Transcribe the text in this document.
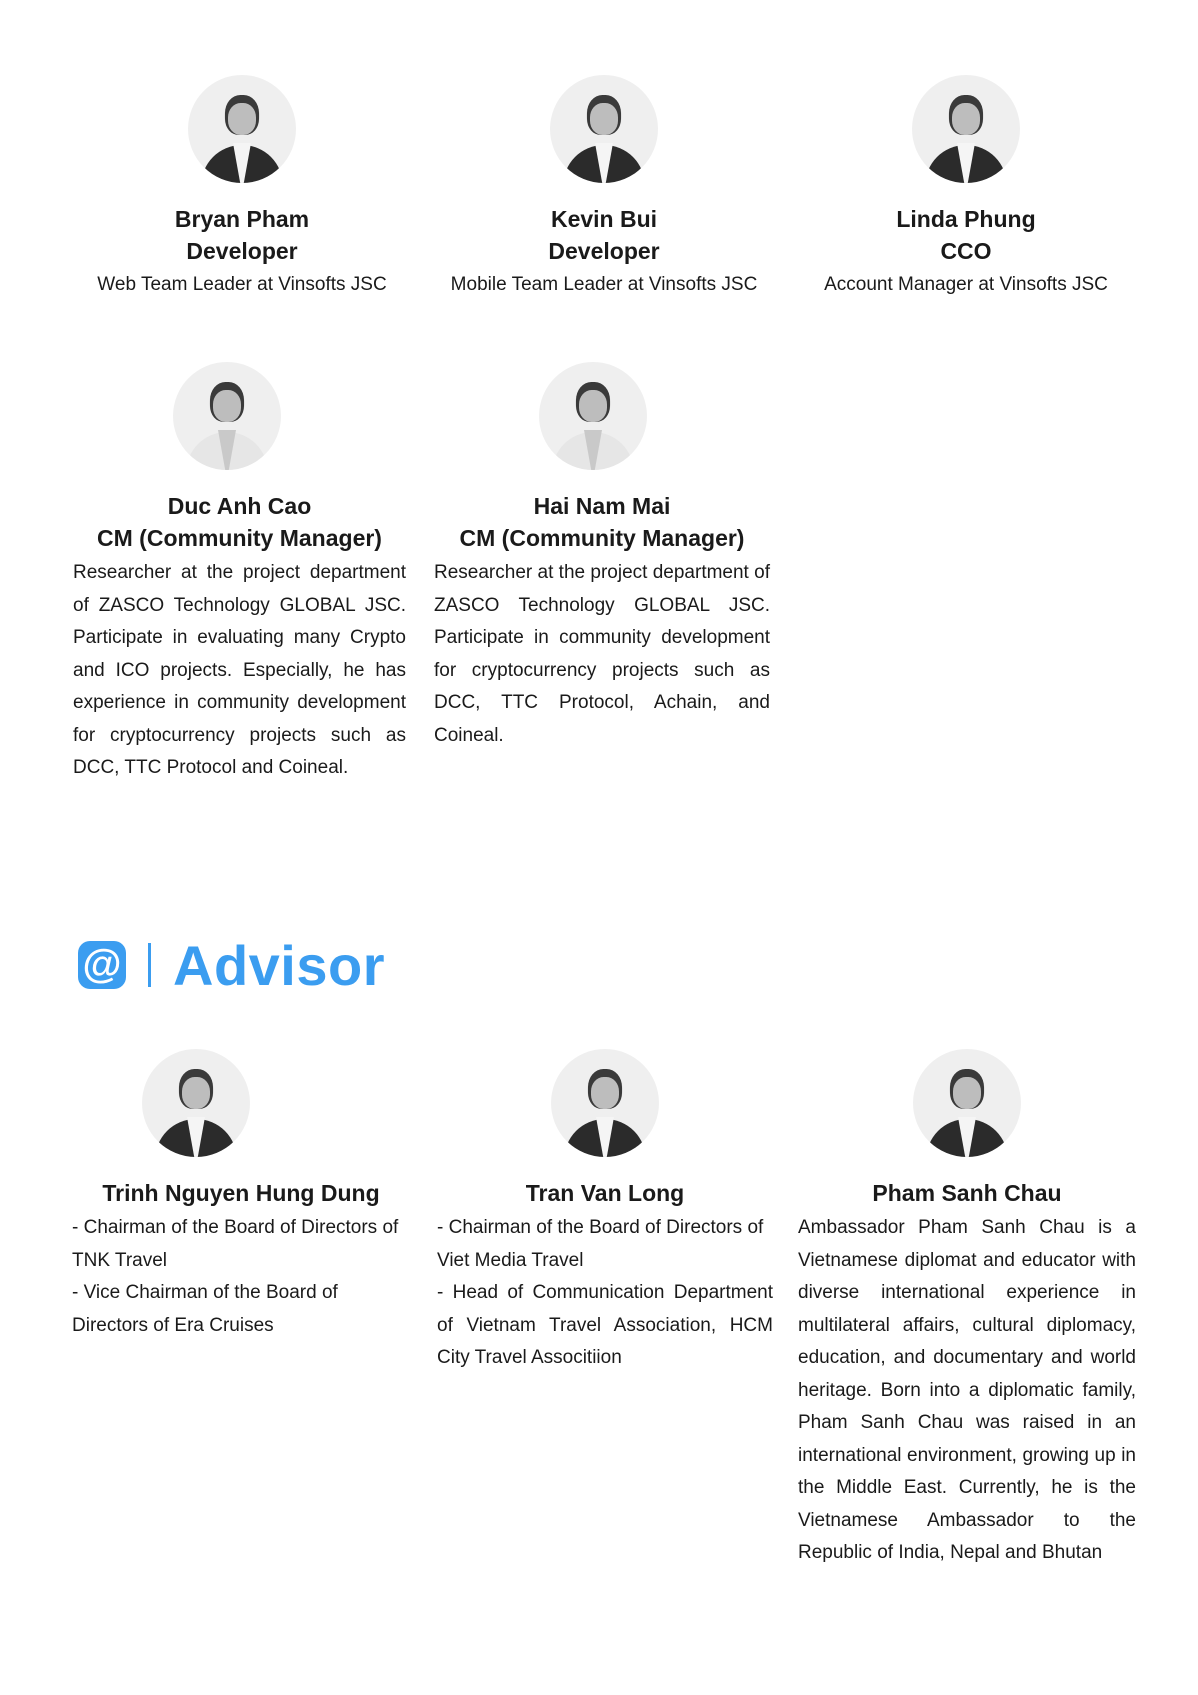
Bryan Pham
Developer
Web Team Leader at Vinsofts JSC
Kevin Bui
Developer
Mobile Team Leader at Vinsofts JSC
Linda Phung
CCO
Account Manager at Vinsofts JSC
Duc Anh Cao
CM (Community Manager)
Researcher at the project department of ZASCO Technology GLOBAL JSC. Participate in evaluating many Crypto and ICO projects. Especially, he has experience in community development for cryptocurrency projects such as DCC, TTC Protocol and Coineal.
Hai Nam Mai
CM (Community Manager)
Researcher at the project department of ZASCO Technology GLOBAL JSC. Participate in community development for cryptocurrency projects such as DCC, TTC Protocol, Achain, and Coineal.
@ Advisor
Trinh Nguyen Hung Dung

- Chairman of the Board of Directors of TNK Travel

- Vice Chairman of the Board of Directors of Era Cruises

Tran Van Long

- Chairman of the Board of Directors of Viet Media Travel

- Head of Communication Department of Vietnam Travel Association, HCM City Travel Associtiion

Pham Sanh Chau
Ambassador Pham Sanh Chau is a Vietnamese diplomat and educator with diverse international experience in multilateral affairs, cultural diplomacy, education, and documentary and world heritage. Born into a diplomatic family, Pham Sanh Chau was raised in an international environment, growing up in the Middle East. Currently, he is the Vietnamese Ambassador to the Republic of India, Nepal and Bhutan
